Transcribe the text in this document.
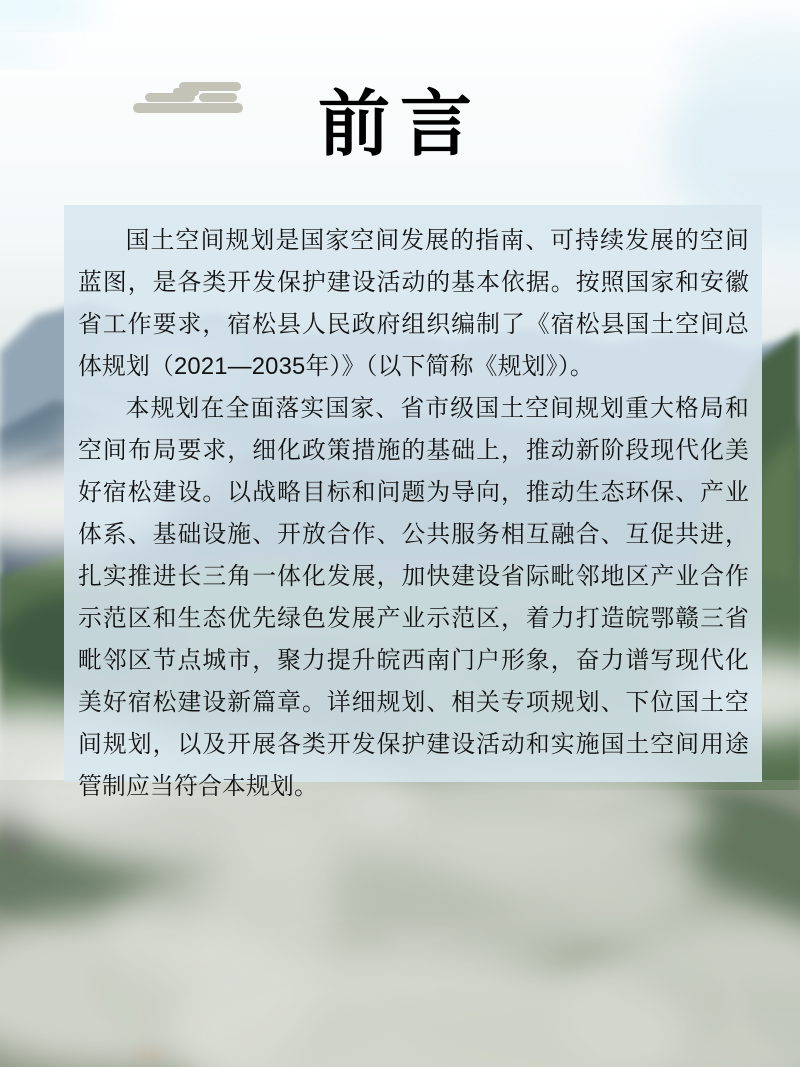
前言

国土空间规划是国家空间发展的指南、可持续发展的空间蓝图，是各类开发保护建设活动的基本依据。按照国家和安徽省工作要求，宿松县人民政府组织编制了《宿松县国土空间总体规划（2021—2035年）》（以下简称《规划》）。

本规划在全面落实国家、省市级国土空间规划重大格局和空间布局要求，细化政策措施的基础上，推动新阶段现代化美好宿松建设。以战略目标和问题为导向，推动生态环保、产业体系、基础设施、开放合作、公共服务相互融合、互促共进，扎实推进长三角一体化发展，加快建设省际毗邻地区产业合作示范区和生态优先绿色发展产业示范区，着力打造皖鄂赣三省毗邻区节点城市，聚力提升皖西南门户形象，奋力谱写现代化美好宿松建设新篇章。详细规划、相关专项规划、下位国土空间规划，以及开展各类开发保护建设活动和实施国土空间用途管制应当符合本规划。
